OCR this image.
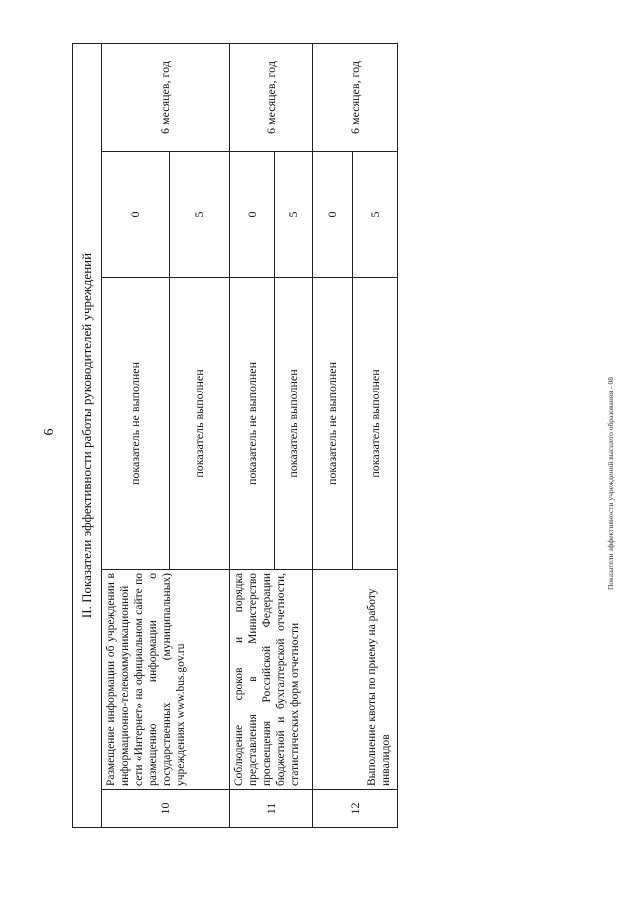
6 II. Показатели эффективности работы руководителей учреждений				
10	Размещение информации об учреждении в информационно-телекоммуникационной сети «Интернет» на официальном сайте по размещению информации о государственных (муниципальных) учреждениях www.bus.gov.ru	показатель не выполнен	0	6 месяцев, год
		показатель выполнен	5	
11	Соблюдение сроков и порядка представления в Министерство просвещения Российской Федерации бюджетной и бухгалтерской отчетности, статистических форм отчетности	показатель не выполнен	0	6 месяцев, год
		показатель выполнен	5	
12	Выполнение квоты по приему на работу инвалидов	показатель не выполнен	0	6 месяцев, год
		показатель выполнен	5	
Показатели эффективности учреждений высшего образования - 08
